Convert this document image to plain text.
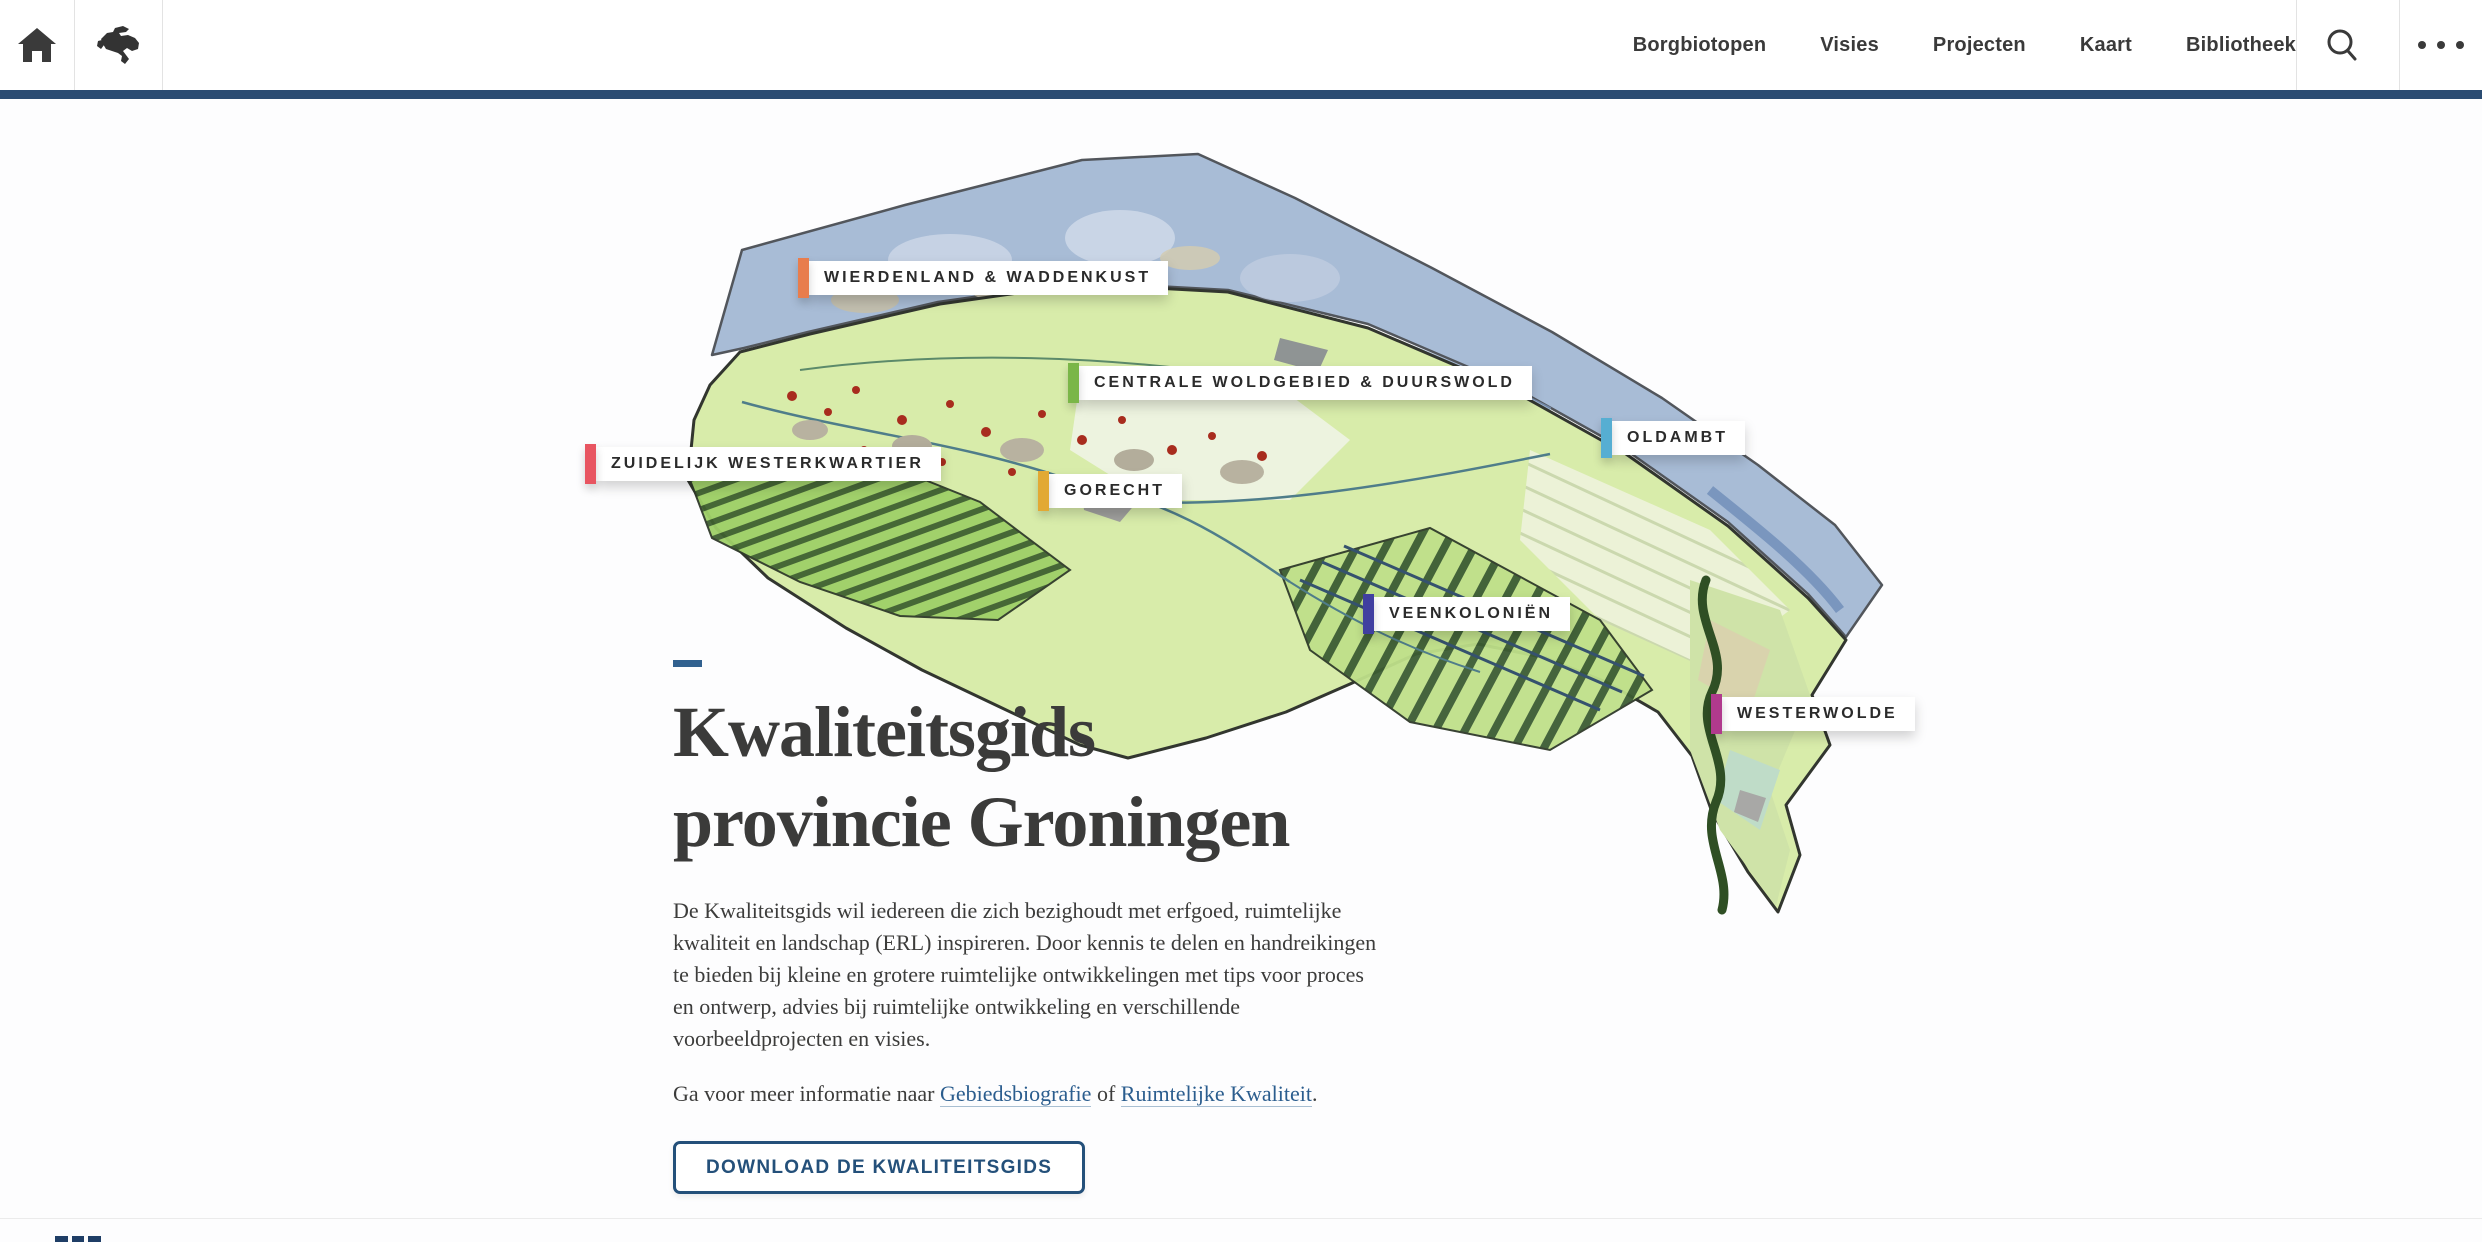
Borgbiotopen	Visies	Projecten	Kaart	Bibliotheek
WIERDENLAND & WADDENKUST
CENTRALE WOLDGEBIED & DUURSWOLD
ZUIDELIJK WESTERKWARTIER
GORECHT
OLDAMBT
VEENKOLONIËN
WESTERWOLDE
Kwaliteitsgids
provincie Groningen

De Kwaliteitsgids wil iedereen die zich bezighoudt met erfgoed, ruimtelijke kwaliteit en landschap (ERL) inspireren. Door kennis te delen en handreikingen te bieden bij kleine en grotere ruimtelijke ontwikkelingen met tips voor proces en ontwerp, advies bij ruimtelijke ontwikkeling en verschillende voorbeeldprojecten en visies.

Ga voor meer informatie naar Gebiedsbiografie of Ruimtelijke Kwaliteit.

DOWNLOAD DE KWALITEITSGIDS
